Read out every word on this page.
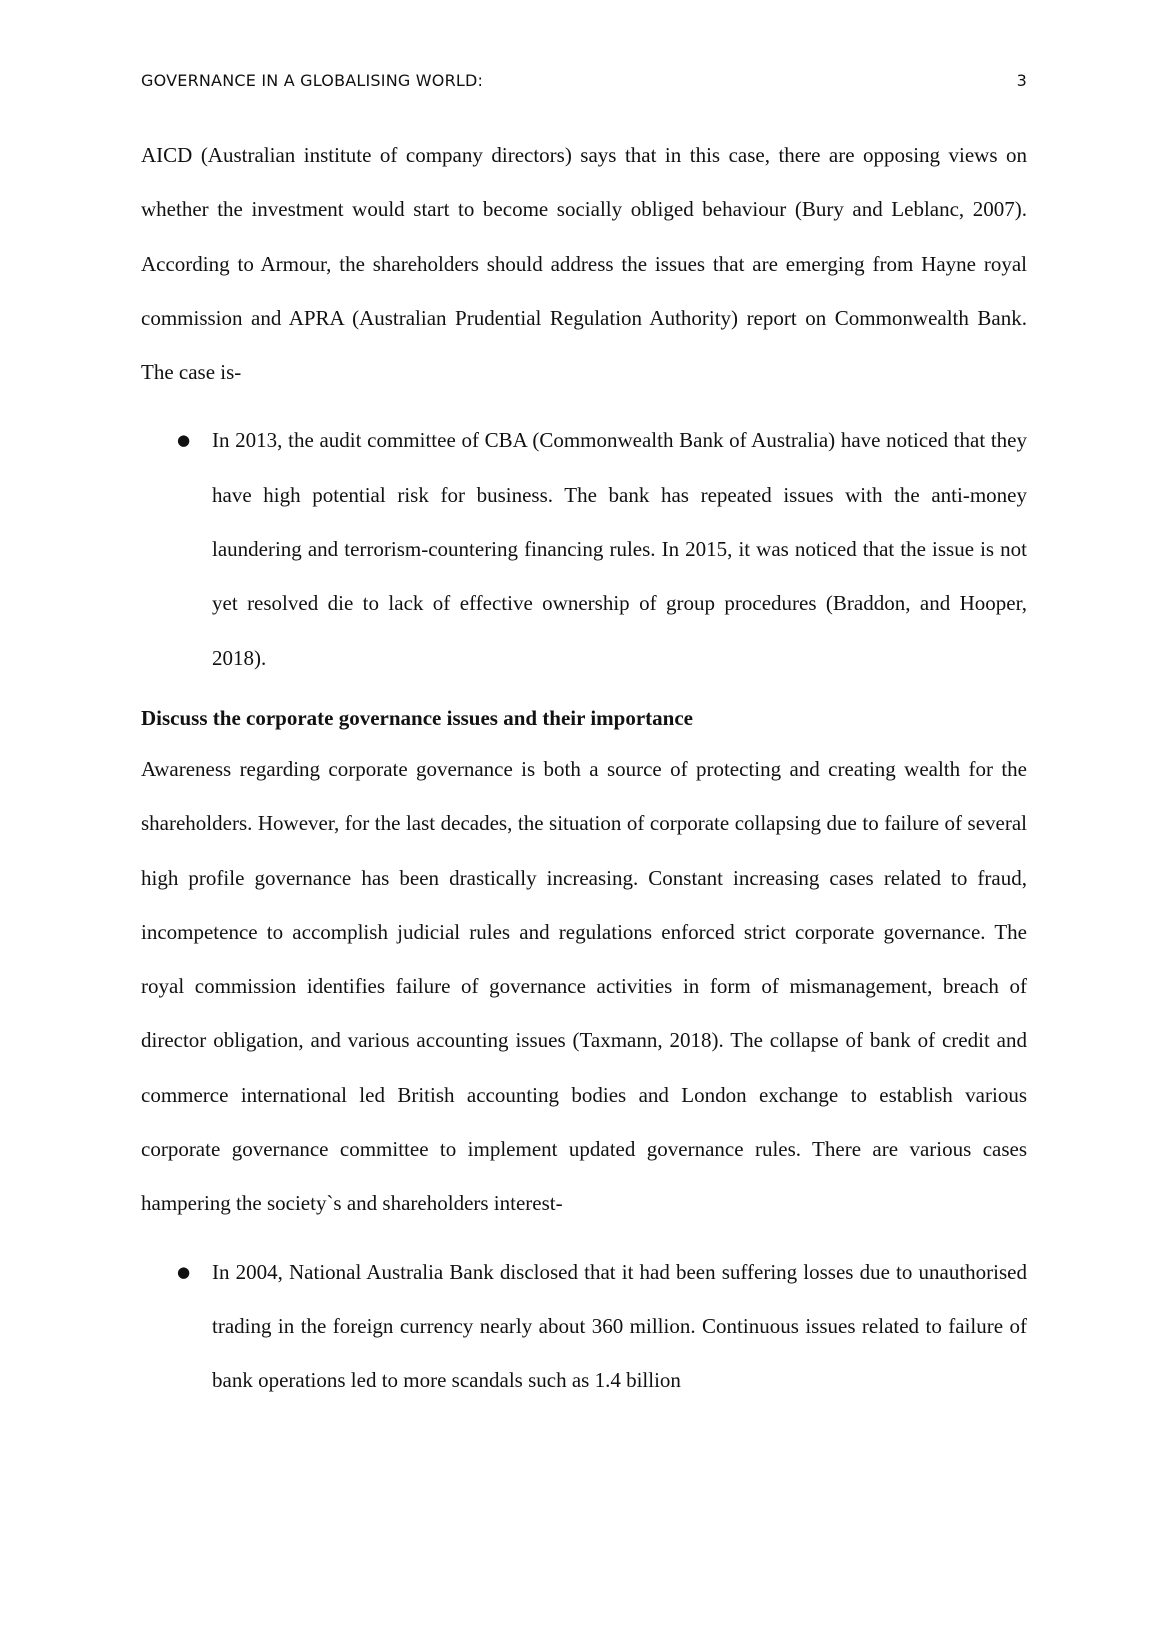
GOVERNANCE IN A GLOBALISING WORLD:	3

AICD (Australian institute of company directors) says that in this case, there are opposing views on whether the investment would start to become socially obliged behaviour (Bury and Leblanc, 2007). According to Armour, the shareholders should address the issues that are emerging from Hayne royal commission and APRA (Australian Prudential Regulation Authority) report on Commonwealth Bank. The case is-

● In 2013, the audit committee of CBA (Commonwealth Bank of Australia) have noticed that they have high potential risk for business. The bank has repeated issues with the anti-money laundering and terrorism-countering financing rules. In 2015, it was noticed that the issue is not yet resolved die to lack of effective ownership of group procedures (Braddon, and Hooper, 2018).

Discuss the corporate governance issues and their importance

Awareness regarding corporate governance is both a source of protecting and creating wealth for the shareholders. However, for the last decades, the situation of corporate collapsing due to failure of several high profile governance has been drastically increasing. Constant increasing cases related to fraud, incompetence to accomplish judicial rules and regulations enforced strict corporate governance. The royal commission identifies failure of governance activities in form of mismanagement, breach of director obligation, and various accounting issues (Taxmann, 2018). The collapse of bank of credit and commerce international led British accounting bodies and London exchange to establish various corporate governance committee to implement updated governance rules. There are various cases hampering the society`s and shareholders interest-

● In 2004, National Australia Bank disclosed that it had been suffering losses due to unauthorised trading in the foreign currency nearly about 360 million. Continuous issues related to failure of bank operations led to more scandals such as 1.4 billion
